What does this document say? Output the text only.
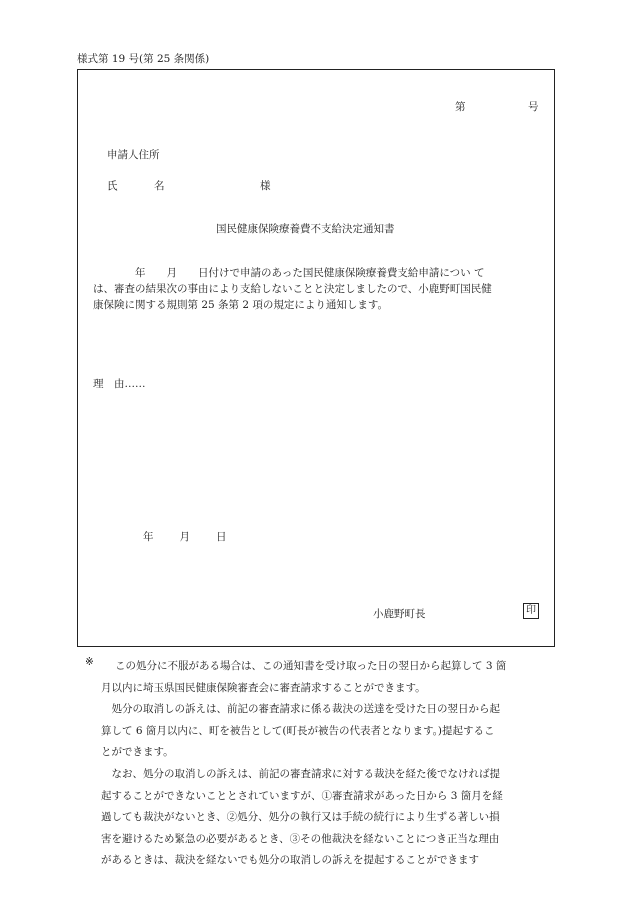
様式第 19 号(第 25 条関係)
第	号
申請人住所
氏	名	様
国民健康保険療養費不支給決定通知書
　　　　年　　月　　日付けで申請のあった国民健康保険療養費支給申請につい て
は、審査の結果次の事由により支給しないことと決定しましたので、小鹿野町国民健
康保険に関する規則第 25 条第 2 項の規定により通知します。
理　由……
年 月 日
小鹿野町長	印
※	この処分に不服がある場合は、この通知書を受け取った日の翌日から起算して 3 箇
月以内に埼玉県国民健康保険審査会に審査請求することができます。
　処分の取消しの訴えは、前記の審査請求に係る裁決の送達を受けた日の翌日から起
算して 6 箇月以内に、町を被告として(町長が被告の代表者となります。)提起するこ
とができます。
　なお、処分の取消しの訴えは、前記の審査請求に対する裁決を経た後でなければ提
起することができないこととされていますが、①審査請求があった日から 3 箇月を経
過しても裁決がないとき、②処分、処分の執行又は手続の続行により生ずる著しい損
害を避けるため緊急の必要があるとき、③その他裁決を経ないことにつき正当な理由
があるときは、裁決を経ないでも処分の取消しの訴えを提起することができます
